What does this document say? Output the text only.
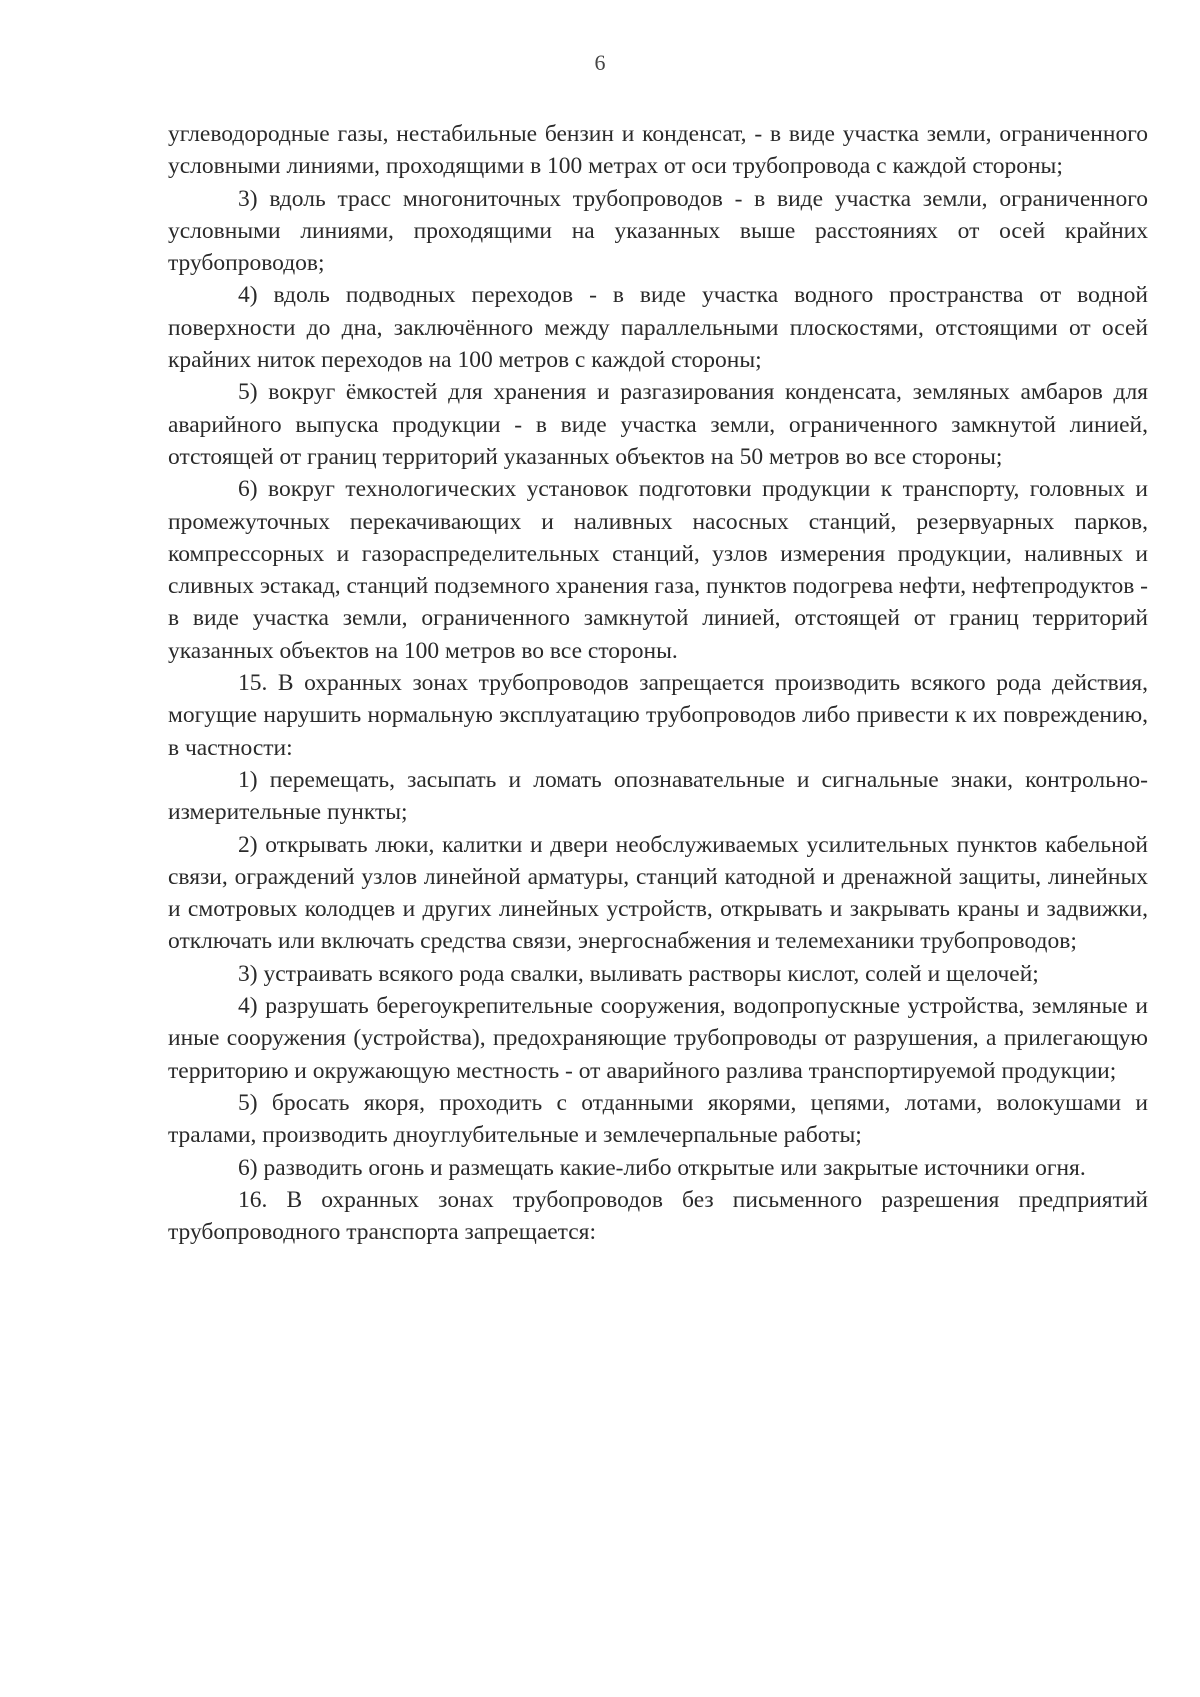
6

углеводородные газы, нестабильные бензин и конденсат, - в виде участка земли, ограниченного условными линиями, проходящими в 100 метрах от оси трубопровода с каждой стороны;

3) вдоль трасс многониточных трубопроводов - в виде участка земли, ограниченного условными линиями, проходящими на указанных выше расстояниях от осей крайних трубопроводов;

4) вдоль подводных переходов - в виде участка водного пространства от водной поверхности до дна, заключённого между параллельными плоскостями, отстоящими от осей крайних ниток переходов на 100 метров с каждой стороны;

5) вокруг ёмкостей для хранения и разгазирования конденсата, земляных амбаров для аварийного выпуска продукции - в виде участка земли, ограниченного замкнутой линией, отстоящей от границ территорий указанных объектов на 50 метров во все стороны;

6) вокруг технологических установок подготовки продукции к транспорту, головных и промежуточных перекачивающих и наливных насосных станций, резервуарных парков, компрессорных и газораспределительных станций, узлов измерения продукции, наливных и сливных эстакад, станций подземного хранения газа, пунктов подогрева нефти, нефтепродуктов - в виде участка земли, ограниченного замкнутой линией, отстоящей от границ территорий указанных объектов на 100 метров во все стороны.

15. В охранных зонах трубопроводов запрещается производить всякого рода действия, могущие нарушить нормальную эксплуатацию трубопроводов либо привести к их повреждению, в частности:

1) перемещать, засыпать и ломать опознавательные и сигнальные знаки, контрольно-измерительные пункты;

2) открывать люки, калитки и двери необслуживаемых усилительных пунктов кабельной связи, ограждений узлов линейной арматуры, станций катодной и дренажной защиты, линейных и смотровых колодцев и других линейных устройств, открывать и закрывать краны и задвижки, отключать или включать средства связи, энергоснабжения и телемеханики трубопроводов;

3) устраивать всякого рода свалки, выливать растворы кислот, солей и щелочей;

4) разрушать берегоукрепительные сооружения, водопропускные устройства, земляные и иные сооружения (устройства), предохраняющие трубопроводы от разрушения, а прилегающую территорию и окружающую местность - от аварийного разлива транспортируемой продукции;

5) бросать якоря, проходить с отданными якорями, цепями, лотами, волокушами и тралами, производить дноуглубительные и землечерпальные работы;

6) разводить огонь и размещать какие-либо открытые или закрытые источники огня.

16. В охранных зонах трубопроводов без письменного разрешения предприятий трубопроводного транспорта запрещается:
